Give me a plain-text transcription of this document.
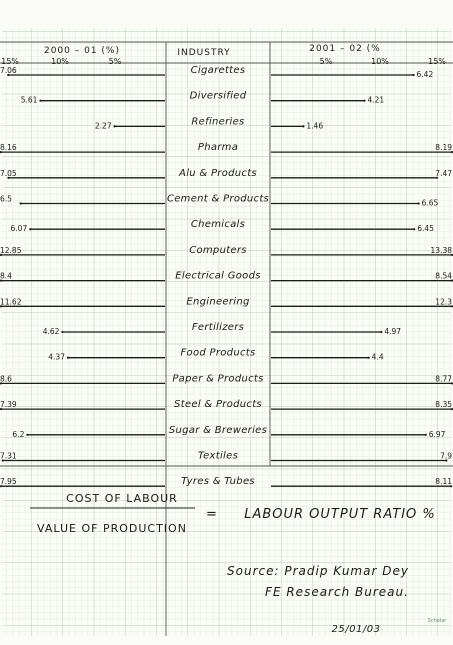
2000 – 01 (%)	INDUSTRY	2001 – 02 (%
15%	10%	5%	5%	10%	15%
Cigarettes
7.06	6.42
Diversified
5.61	4.21
Refineries
2.27	1.46
Pharma
8.16	8.19
Alu & Products
7.05	7.47
Cement & Products
6.5	6.65
Chemicals
6.07	6.45
Computers
12.85	13.38
Electrical Goods
8.4	8.54
Engineering
11.62	12.3
Fertilizers
4.62	4.97
Food Products
4.37	4.4
Paper & Products
8.6	8.77
Steel & Products
7.39	8.35
Sugar & Breweries
6.2	6.97
Textiles
7.31	7.9
Tyres & Tubes
7.95	8.11
COST OF LABOUR
VALUE OF PRODUCTION
= LABOUR OUTPUT RATIO %
Source: Pradip Kumar Dey
FE Research Bureau.
25/01/03
Scholar
